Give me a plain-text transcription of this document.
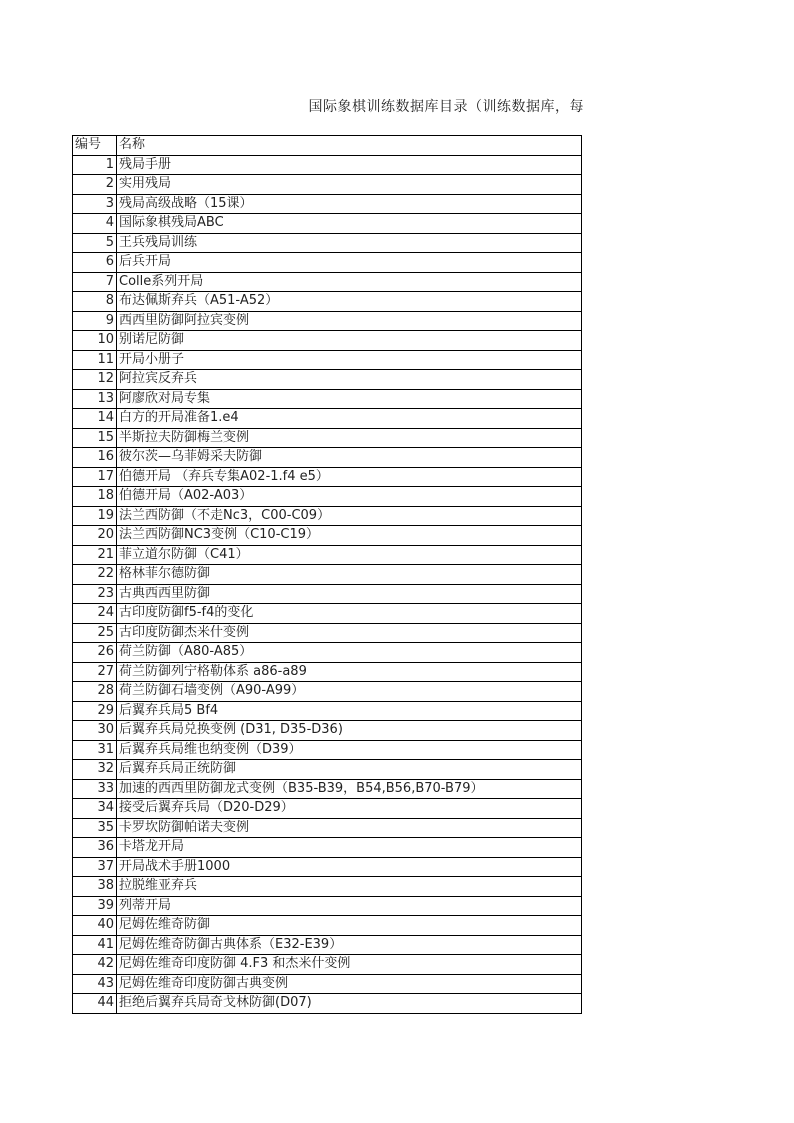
国际象棋训练数据库目录（训练数据库，每
编号	名称
1	残局手册
2	实用残局
3	残局高级战略（15课）
4	国际象棋残局ABC
5	王兵残局训练
6	后兵开局
7	Colle系列开局
8	布达佩斯弃兵（A51-A52）
9	西西里防御阿拉宾变例
10	别诺尼防御
11	开局小册子
12	阿拉宾反弃兵
13	阿廖欣对局专集
14	白方的开局准备1.e4
15	半斯拉夫防御梅兰变例
16	彼尔茨—乌菲姆采夫防御
17	伯德开局 （弃兵专集A02-1.f4 e5）
18	伯德开局（A02-A03）
19	法兰西防御（不走Nc3，C00-C09）
20	法兰西防御NC3变例（C10-C19）
21	菲立道尔防御（C41）
22	格林菲尔德防御
23	古典西西里防御
24	古印度防御f5-f4的变化
25	古印度防御杰米什变例
26	荷兰防御（A80-A85）
27	荷兰防御列宁格勒体系 a86-a89
28	荷兰防御石墙变例（A90-A99）
29	后翼弃兵局5 Bf4
30	后翼弃兵局兑换变例 (D31, D35-D36)
31	后翼弃兵局维也纳变例（D39）
32	后翼弃兵局正统防御
33	加速的西西里防御龙式变例（B35-B39，B54,B56,B70-B79）
34	接受后翼弃兵局（D20-D29）
35	卡罗坎防御帕诺夫变例
36	卡塔龙开局
37	开局战术手册1000
38	拉脱维亚弃兵
39	列蒂开局
40	尼姆佐维奇防御
41	尼姆佐维奇防御古典体系（E32-E39）
42	尼姆佐维奇印度防御 4.F3 和杰米什变例
43	尼姆佐维奇印度防御古典变例
44	拒绝后翼弃兵局奇戈林防御(D07)
